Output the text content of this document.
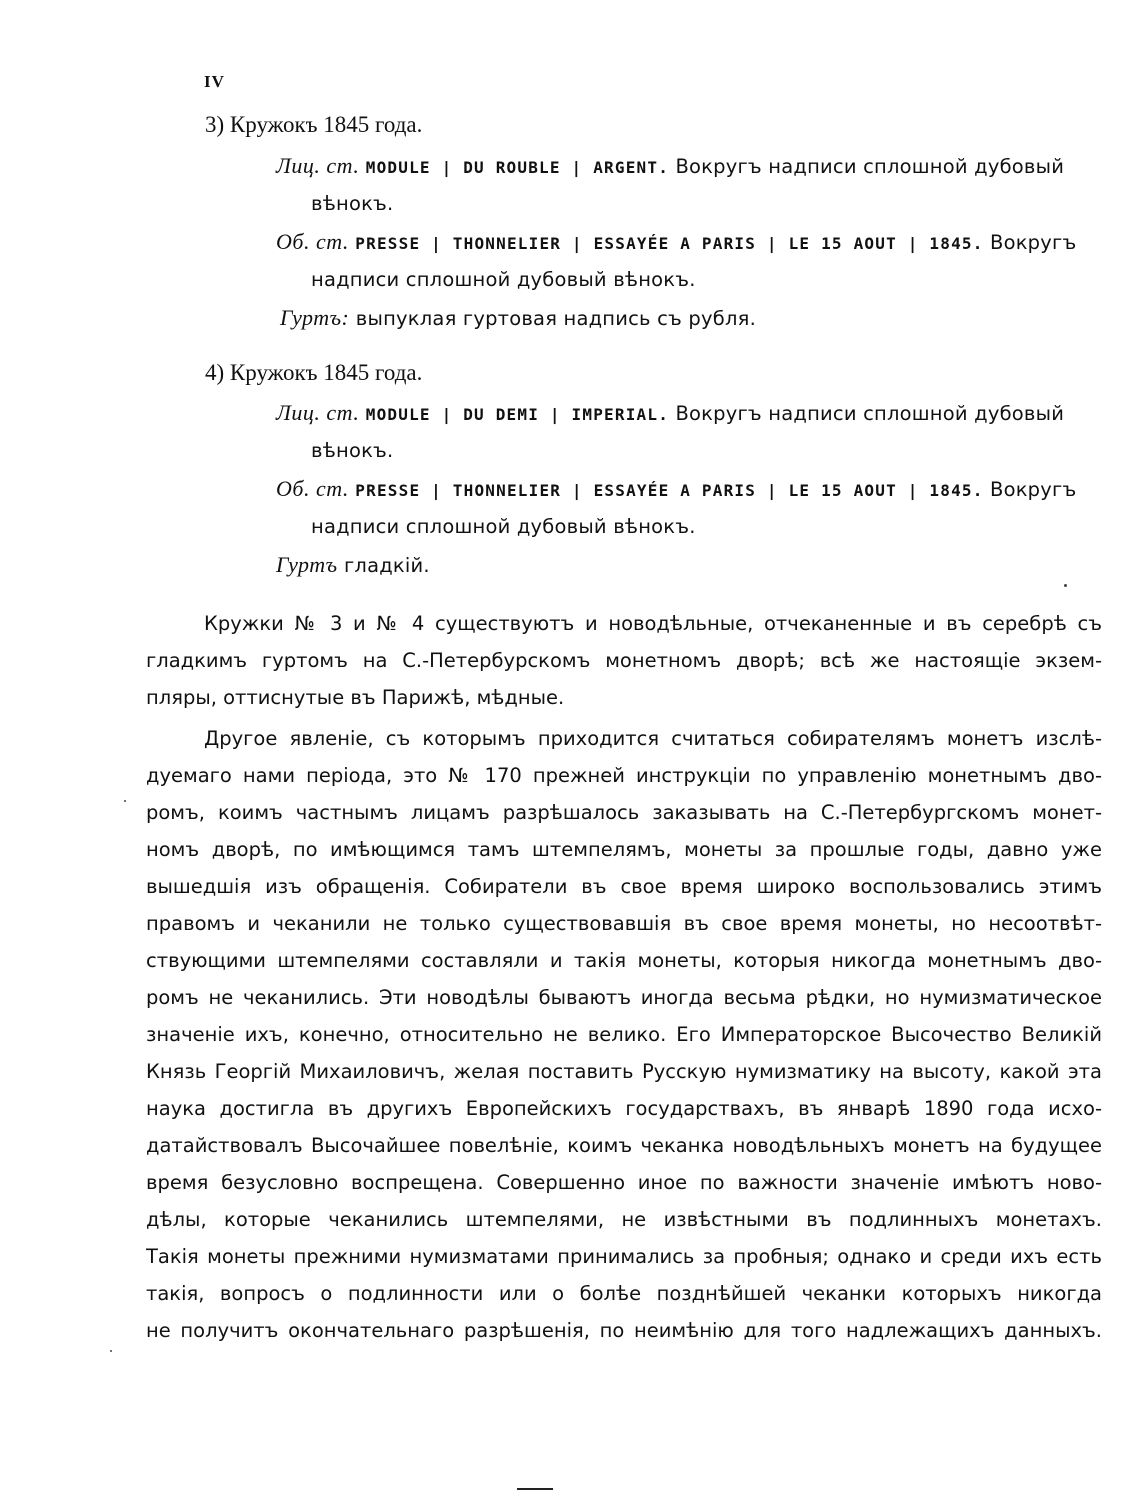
IV
3) Кружокъ 1845 года.
Лиц. ст. MODULE | DU ROUBLE | ARGENT. Вокругъ надписи сплошной дубовый
вѣнокъ.
Об. ст. PRESSE | THONNELIER | ESSAYÉE A PARIS | LE 15 AOUT | 1845. Вокругъ
надписи сплошной дубовый вѣнокъ.
Гуртъ: выпуклая гуртовая надпись съ рубля.
4) Кружокъ 1845 года.
Лиц. ст. MODULE | DU DEMI | IMPERIAL. Вокругъ надписи сплошной дубовый
вѣнокъ.
Об. ст. PRESSE | THONNELIER | ESSAYÉE A PARIS | LE 15 AOUT | 1845. Вокругъ
надписи сплошной дубовый вѣнокъ.
Гуртъ гладкій.
Кружки № 3 и № 4 существуютъ и новодѣльные, отчеканенные и въ серебрѣ съ
гладкимъ гуртомъ на С.-Петербурскомъ монетномъ дворѣ; всѣ же настоящіе экзем-
пляры, оттиснутые въ Парижѣ, мѣдные.
Другое явленіе, съ которымъ приходится считаться собирателямъ монетъ изслѣ-
дуемаго нами періода, это № 170 прежней инструкціи по управленію монетнымъ дво-
ромъ, коимъ частнымъ лицамъ разрѣшалось заказывать на С.-Петербургскомъ монет-
номъ дворѣ, по имѣющимся тамъ штемпелямъ, монеты за прошлые годы, давно уже
вышедшія изъ обращенія. Собиратели въ свое время широко воспользовались этимъ
правомъ и чеканили не только существовавшія въ свое время монеты, но несоотвѣт-
ствующими штемпелями составляли и такія монеты, которыя никогда монетнымъ дво-
ромъ не чеканились. Эти новодѣлы бываютъ иногда весьма рѣдки, но нумизматическое
значеніе ихъ, конечно, относительно не велико. Его Императорское Высочество Великій
Князь Георгій Михаиловичъ, желая поставить Русскую нумизматику на высоту, какой эта
наука достигла въ другихъ Европейскихъ государствахъ, въ январѣ 1890 года исхо-
датайствовалъ Высочайшее повелѣніе, коимъ чеканка новодѣльныхъ монетъ на будущее
время безусловно воспрещена. Совершенно иное по важности значеніе имѣютъ ново-
дѣлы, которые чеканились штемпелями, не извѣстными въ подлинныхъ монетахъ.
Такія монеты прежними нумизматами принимались за пробныя; однако и среди ихъ есть
такія, вопросъ о подлинности или о болѣе позднѣйшей чеканки которыхъ никогда
не получитъ окончательнаго разрѣшенія, по неимѣнію для того надлежащихъ данныхъ.
